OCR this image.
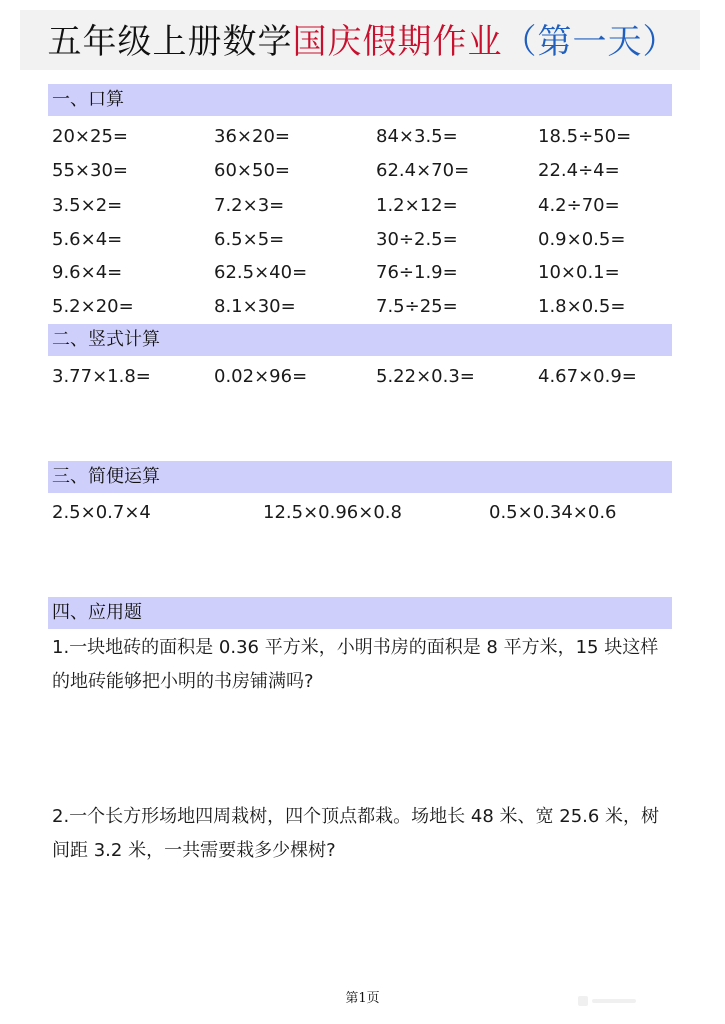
五年级上册数学国庆假期作业（第一天）
一、口算
20×25=	36×20=	84×3.5=	18.5÷50=
55×30=	60×50=	62.4×70=	22.4÷4=
3.5×2=	7.2×3=	1.2×12=	4.2÷70=
5.6×4=	6.5×5=	30÷2.5=	0.9×0.5=
9.6×4=	62.5×40=	76÷1.9=	10×0.1=
5.2×20=	8.1×30=	7.5÷25=	1.8×0.5=
二、竖式计算
3.77×1.8=	0.02×96=	5.22×0.3=	4.67×0.9=
三、简便运算
2.5×0.7×4	12.5×0.96×0.8	0.5×0.34×0.6
四、应用题
1.一块地砖的面积是 0.36 平方米，小明书房的面积是 8 平方米，15 块这样的地砖能够把小明的书房铺满吗?
2.一个长方形场地四周栽树，四个顶点都栽。场地长 48 米、宽 25.6 米，树间距 3.2 米，一共需要栽多少棵树?
第1页
